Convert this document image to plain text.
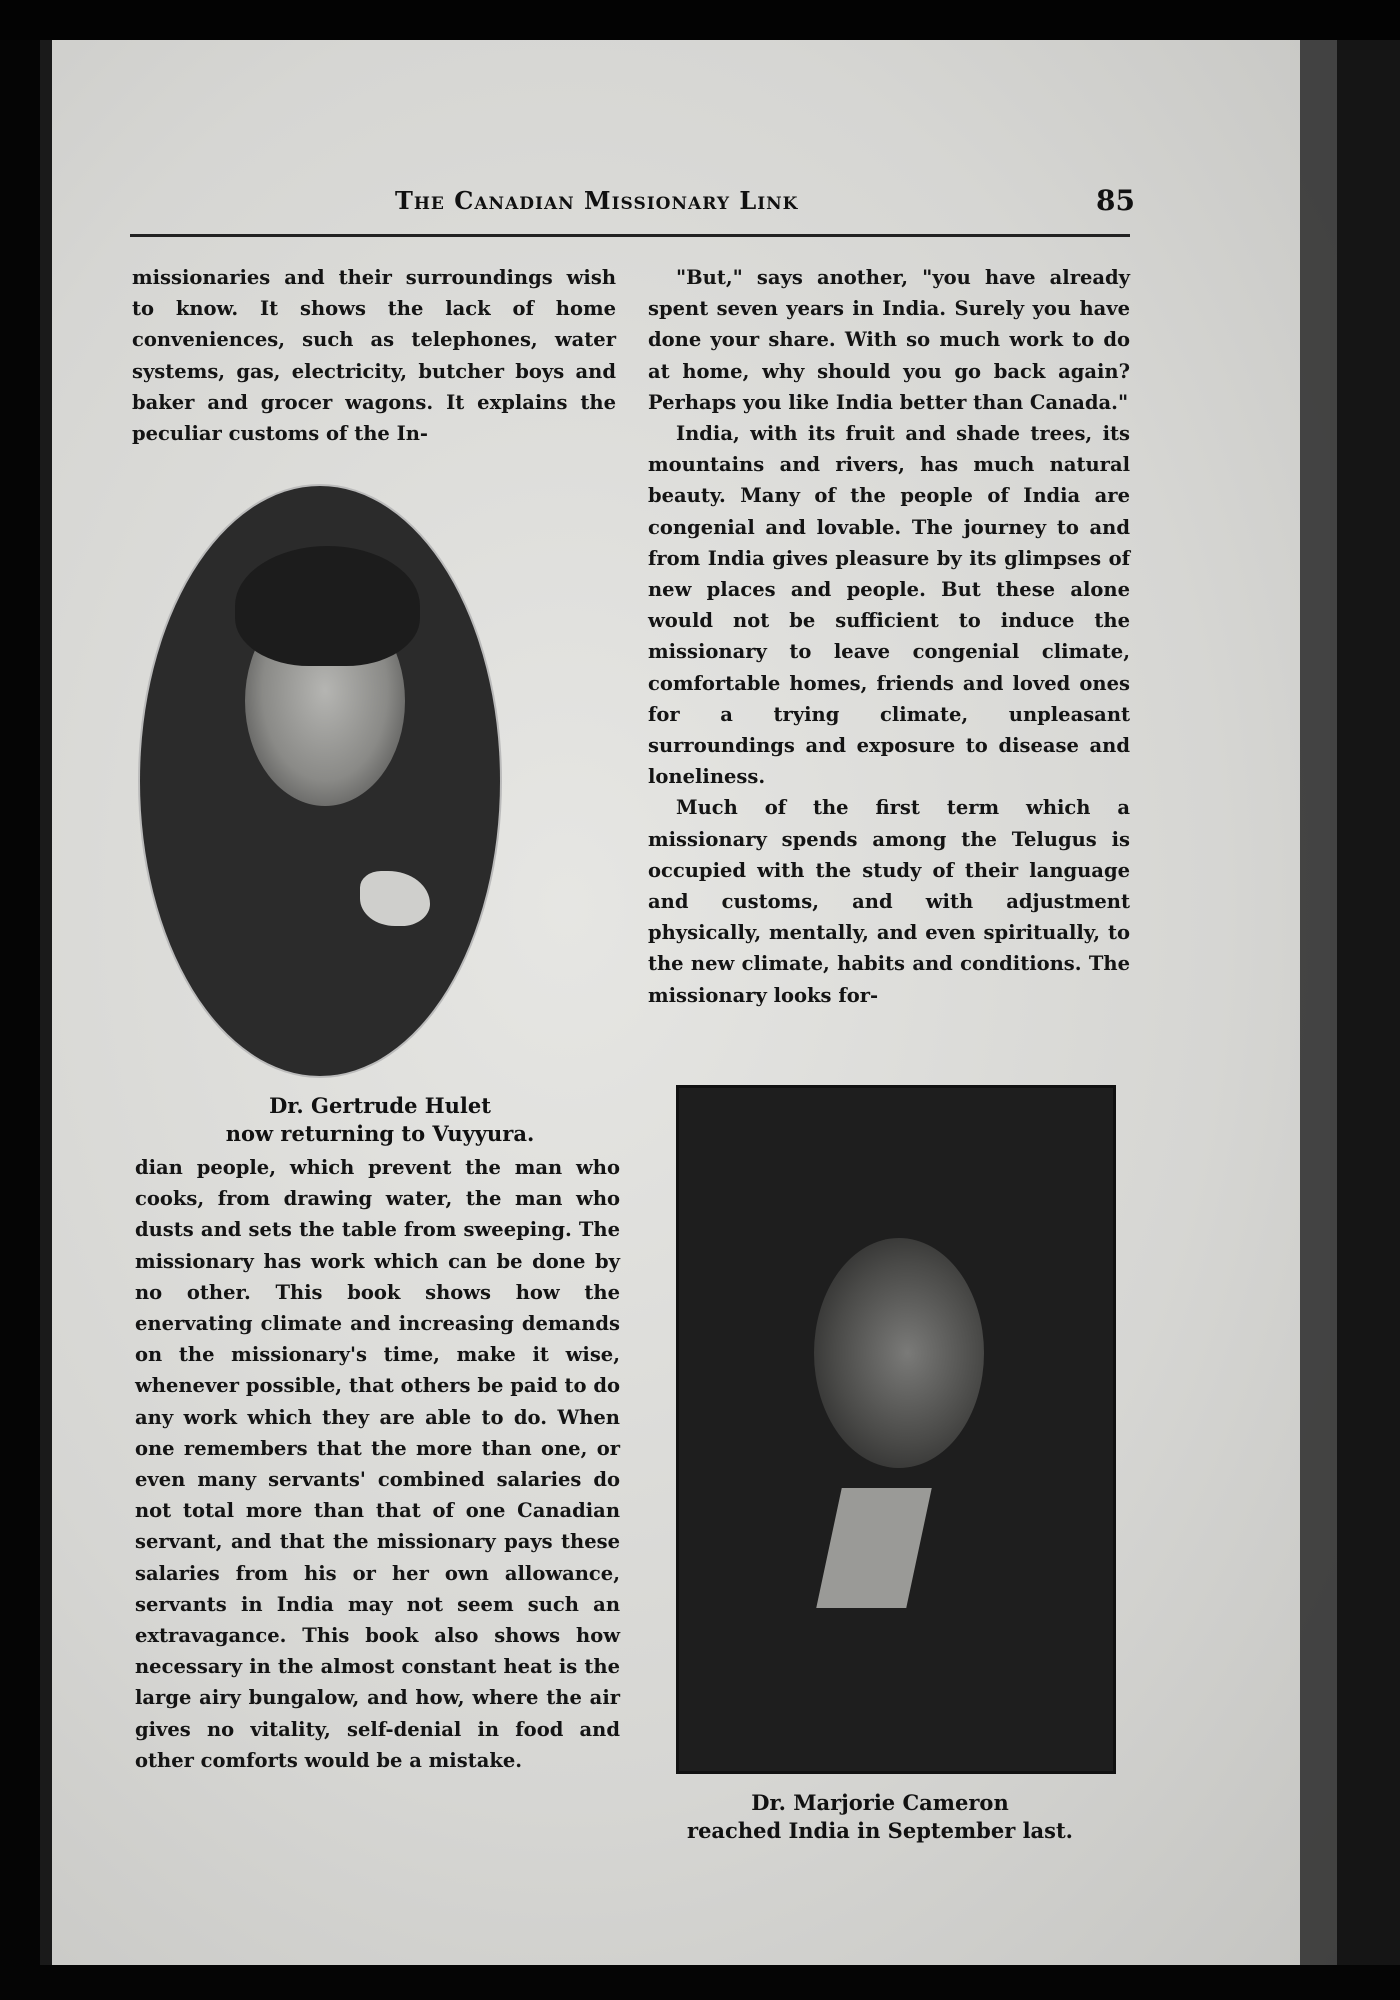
The Canadian Missionary Link	85

missionaries and their surroundings wish to know. It shows the lack of home conveniences, such as telephones, water systems, gas, electricity, butcher boys and baker and grocer wagons. It explains the peculiar customs of the In-

Dr. Gertrude Hulet
now returning to Vuyyura.

dian people, which prevent the man who cooks, from drawing water, the man who dusts and sets the table from sweeping. The missionary has work which can be done by no other. This book shows how the enervating climate and increasing demands on the missionary's time, make it wise, whenever possible, that others be paid to do any work which they are able to do. When one remembers that the more than one, or even many servants' combined salaries do not total more than that of one Canadian servant, and that the missionary pays these salaries from his or her own allowance, servants in India may not seem such an extravagance. This book also shows how necessary in the almost constant heat is the large airy bungalow, and how, where the air gives no vitality, self-denial in food and other comforts would be a mistake.

"But," says another, "you have already spent seven years in India. Surely you have done your share. With so much work to do at home, why should you go back again? Perhaps you like India better than Canada."

India, with its fruit and shade trees, its mountains and rivers, has much natural beauty. Many of the people of India are congenial and lovable. The journey to and from India gives pleasure by its glimpses of new places and people. But these alone would not be sufficient to induce the missionary to leave congenial climate, comfortable homes, friends and loved ones for a trying climate, unpleasant surroundings and exposure to disease and loneliness.

Much of the first term which a missionary spends among the Telugus is occupied with the study of their language and customs, and with adjustment physically, mentally, and even spiritually, to the new climate, habits and conditions. The missionary looks for-

Dr. Marjorie Cameron
reached India in September last.
